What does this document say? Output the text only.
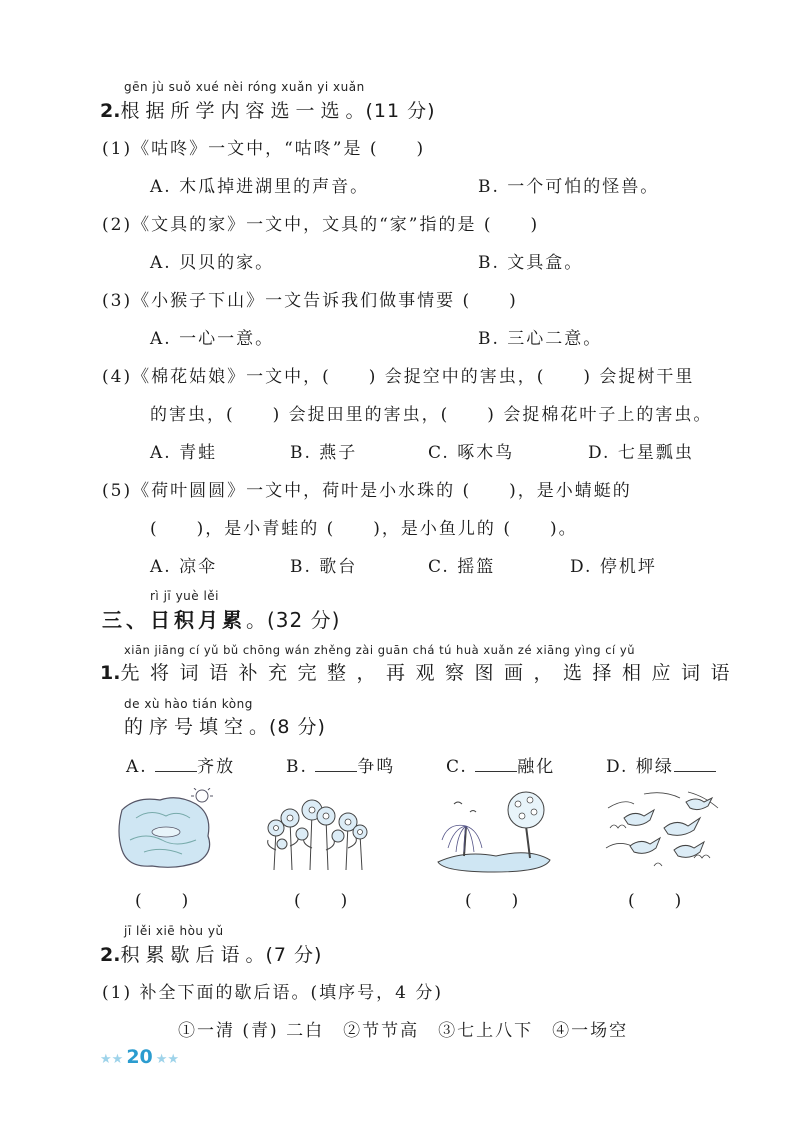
gēn jù suǒ xué nèi róng xuǎn yi xuǎn
2.根据所学内容选一选。(11 分)
(1)《咕咚》一文中，“咕咚”是 (　　)
A. 木瓜掉进湖里的声音。	B. 一个可怕的怪兽。
(2)《文具的家》一文中，文具的“家”指的是 (　　)
A. 贝贝的家。	B. 文具盒。
(3)《小猴子下山》一文告诉我们做事情要 (　　)
A. 一心一意。	B. 三心二意。
(4)《棉花姑娘》一文中，(　　) 会捉空中的害虫，(　　) 会捉树干里
的害虫，(　　) 会捉田里的害虫，(　　) 会捉棉花叶子上的害虫。
A. 青蛙	B. 燕子	C. 啄木鸟	D. 七星瓢虫
(5)《荷叶圆圆》一文中，荷叶是小水珠的 (　　)，是小蜻蜓的
(　　)，是小青蛙的 (　　)，是小鱼儿的 (　　)。
A. 凉伞	B. 歌台	C. 摇篮	D. 停机坪
rì jī yuè lěi
三、日积月累。(32 分)
xiān jiāng cí yǔ bǔ chōng wán zhěng zài guān chá tú huà xuǎn zé xiāng yìng cí yǔ
1.先将词语补充完整，再观察图画，选择相应词语
de xù hào tián kòng
的序号填空。(8 分)
A.	齐放	B.	争鸣	C.	融化	D. 柳绿
(　　)	(　　)	(　　)	(　　)
jī lěi xiē hòu yǔ
2.积累歇后语。(7 分)
(1) 补全下面的歇后语。(填序号，4 分)
①一清 (青) 二白　②节节高　③七上八下　④一场空
★★ 20 ★★
